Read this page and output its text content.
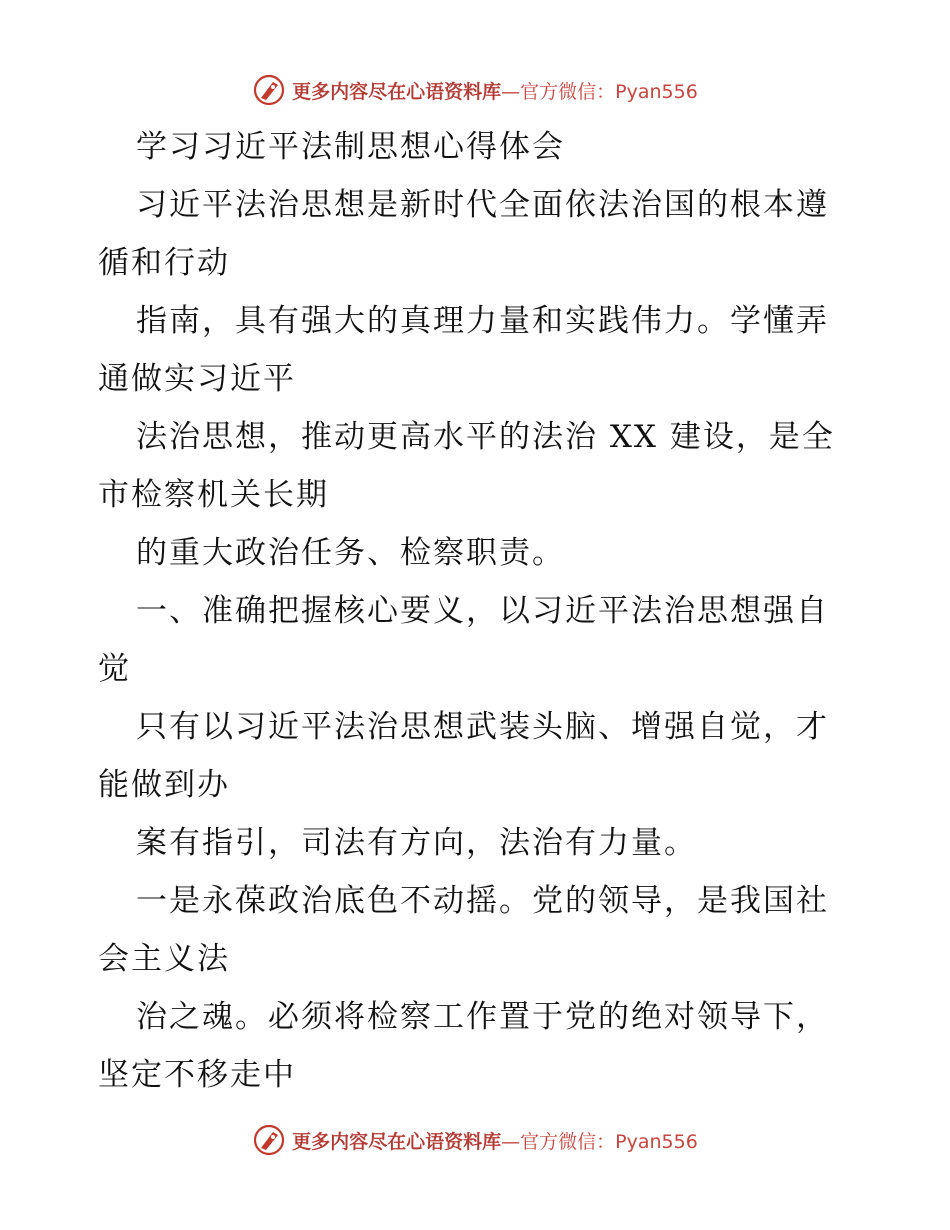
更多内容尽在心语资料库—官方微信：Pyan556
学习习近平法制思想心得体会
习近平法治思想是新时代全面依法治国的根本遵
循和行动
指南，具有强大的真理力量和实践伟力。学懂弄
通做实习近平
法治思想，推动更高水平的法治 XX 建设，是全
市检察机关长期
的重大政治任务、检察职责。
一、准确把握核心要义，以习近平法治思想强自
觉
只有以习近平法治思想武装头脑、增强自觉，才
能做到办
案有指引，司法有方向，法治有力量。
一是永葆政治底色不动摇。党的领导，是我国社
会主义法
治之魂。必须将检察工作置于党的绝对领导下，
坚定不移走中
更多内容尽在心语资料库—官方微信：Pyan556
